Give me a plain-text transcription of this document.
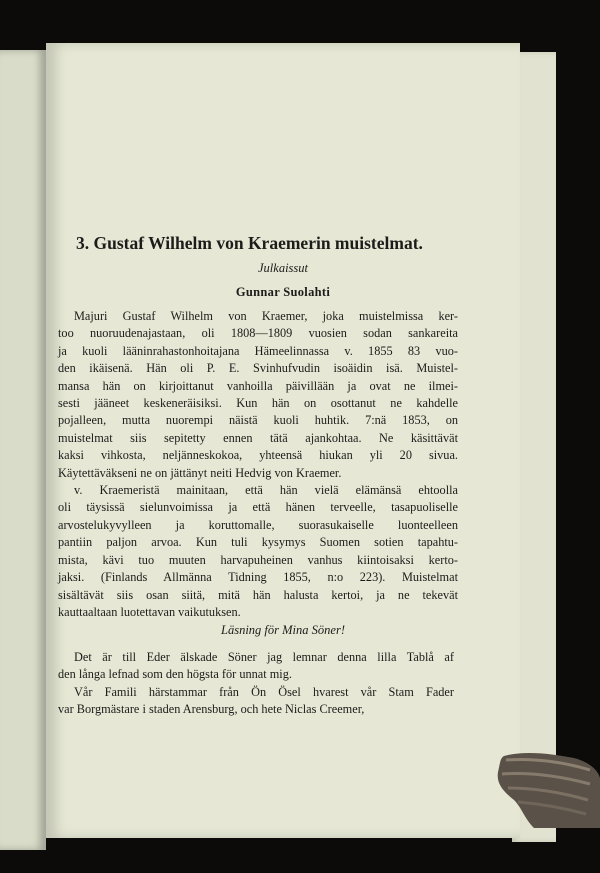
3. Gustaf Wilhelm von Kraemerin muistelmat.
Julkaissut
Gunnar Suolahti
Majuri Gustaf Wilhelm von Kraemer, joka muistelmissa ker-
too nuoruudenajastaan, oli 1808—1809 vuosien sodan sankareita
ja kuoli lääninrahastonhoitajana Hämeelinnassa v. 1855 83 vuo-
den ikäisenä. Hän oli P. E. Svinhufvudin isoäidin isä. Muistel-
mansa hän on kirjoittanut vanhoilla päivillään ja ovat ne ilmei-
sesti jääneet keskeneräisiksi. Kun hän on osottanut ne kahdelle
pojalleen, mutta nuorempi näistä kuoli huhtik. 7:nä 1853, on
muistelmat siis sepitetty ennen tätä ajankohtaa. Ne käsittävät
kaksi vihkosta, neljänneskokoa, yhteensä hiukan yli 20 sivua.
Käytettäväkseni ne on jättänyt neiti Hedvig von Kraemer.
v. Kraemeristä mainitaan, että hän vielä elämänsä ehtoolla
oli täysissä sielunvoimissa ja että hänen terveelle, tasapuoliselle
arvostelukyvylleen ja koruttomalle, suorasukaiselle luonteelleen
pantiin paljon arvoa. Kun tuli kysymys Suomen sotien tapahtu-
mista, kävi tuo muuten harvapuheinen vanhus kiintoisaksi kerto-
jaksi. (Finlands Allmänna Tidning 1855, n:o 223). Muistelmat
sisältävät siis osan siitä, mitä hän halusta kertoi, ja ne tekevät
kauttaaltaan luotettavan vaikutuksen.
Läsning för Mina Söner!
Det är till Eder älskade Söner jag lemnar denna lilla Tablå af
den långa lefnad som den högsta för unnat mig.
Vår Famili härstammar från Ön Ösel hvarest vår Stam Fader
var Borgmästare i staden Arensburg, och hete Niclas Creemer,
